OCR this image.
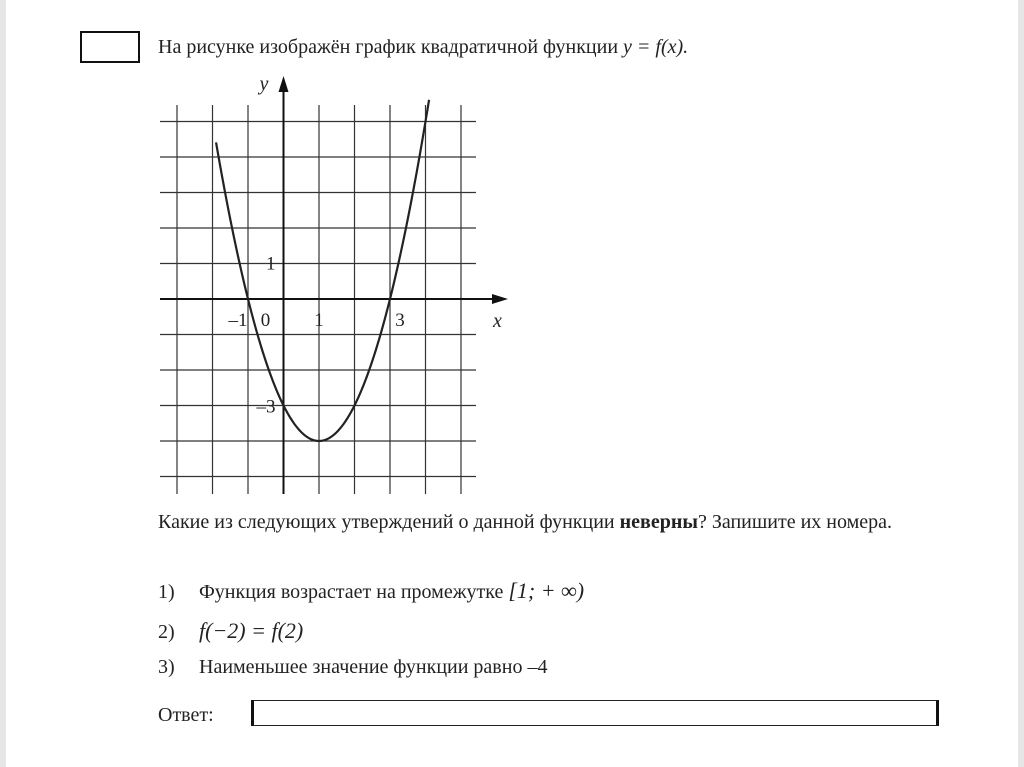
На рисунке изображён график квадратичной функции y = f(x).
x
y
–1 0 1	3
1
–3
Какие из следующих утверждений о данной функции неверны? Запишите их номера.
1) Функция возрастает на промежутке [1; + ∞)
2) f(−2) = f(2)
3) Наименьшее значение функции равно –4
Ответ:
